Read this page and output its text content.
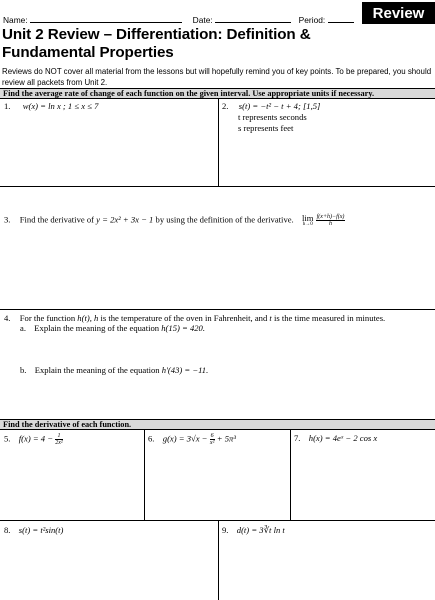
Name:	Date:	Period:	Review
Unit 2 Review – Differentiation: Definition & Fundamental Properties
Reviews do NOT cover all material from the lessons but will hopefully remind you of key points. To be prepared, you should review all packets from Unit 2.
Find the average rate of change of each function on the given interval. Use appropriate units if necessary.
1. w(x) = ln x ; 1 ≤ x ≤ 7	2. s(t) = −t² − t + 4; [1,5]
t represents seconds
s represents feet
3. Find the derivative of y = 2x² + 3x − 1 by using the definition of the derivative. lim
h→0
$\frac{f(x+h)-f(x)}{h}$
4. For the function h(t), h is the temperature of the oven in Fahrenheit, and t is the time measured in minutes.
a. Explain the meaning of the equation h(15) = 420.
b. Explain the meaning of the equation h′(43) = −11.
Find the derivative of each function.
5. $f(x) = 4 - \frac{1}{\text{2x²}}$	6. $g(x) = 3√x - \frac{6}{\text{x²}} + 5\pi^3$	7. h(x) = 4eˣ − 2 cos x
8. s(t) = t²sin(t)	9. d(t) = 3∛t ln t
